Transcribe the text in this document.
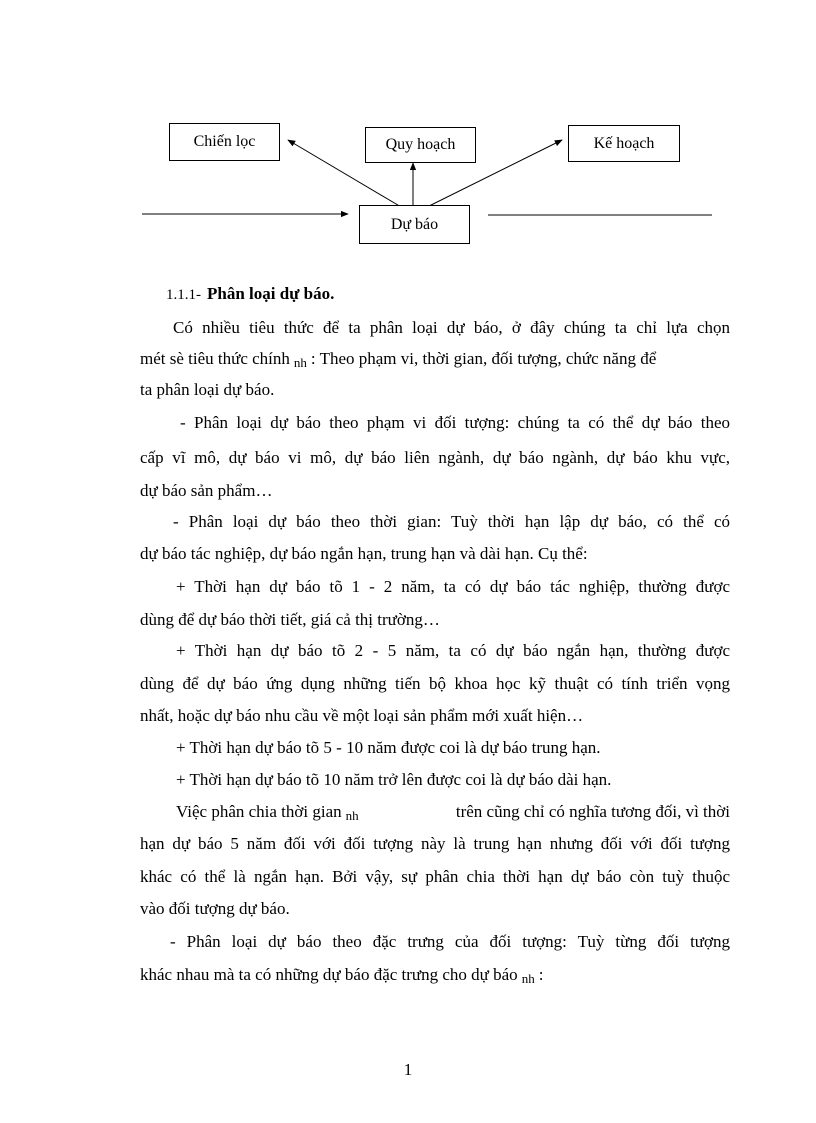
Chiến lọc	Quy hoạch	Kế hoạch
Dự báo
1.1.1- Phân loại dự báo.
Có nhiều tiêu thức để ta phân loại dự báo, ở đây chúng ta chỉ lựa chọn
mét sè tiêu thức chính nh : Theo phạm vi, thời gian, đối tượng, chức năng để
ta phân loại dự báo.
- Phân loại dự báo theo phạm vi đối tượng: chúng ta có thể dự báo theo
cấp vĩ mô, dự báo vi mô, dự báo liên ngành, dự báo ngành, dự báo khu vực,
dự báo sản phẩm…
- Phân loại dự báo theo thời gian: Tuỳ thời hạn lập dự báo, có thể có
dự báo tác nghiệp, dự báo ngắn hạn, trung hạn và dài hạn. Cụ thể:
+ Thời hạn dự báo tõ 1 - 2 năm, ta có dự báo tác nghiệp, thường được
dùng để dự báo thời tiết, giá cả thị trường…
+ Thời hạn dự báo tõ 2 - 5 năm, ta có dự báo ngắn hạn, thường được
dùng để dự báo ứng dụng những tiến bộ khoa học kỹ thuật có tính triển vọng
nhất, hoặc dự báo nhu cầu về một loại sản phẩm mới xuất hiện…
+ Thời hạn dự báo tõ 5 - 10 năm được coi là dự báo trung hạn.
+ Thời hạn dự báo tõ 10 năm trở lên được coi là dự báo dài hạn.
Việc phân chia thời gian nh	trên cũng chỉ có nghĩa tương đối, vì thời
hạn dự báo 5 năm đối với đối tượng này là trung hạn nhưng đối với đối tượng
khác có thể là ngắn hạn. Bởi vậy, sự phân chia thời hạn dự báo còn tuỳ thuộc
vào đối tượng dự báo.
- Phân loại dự báo theo đặc trưng của đối tượng: Tuỳ từng đối tượng
khác nhau mà ta có những dự báo đặc trưng cho dự báo nh :
1
